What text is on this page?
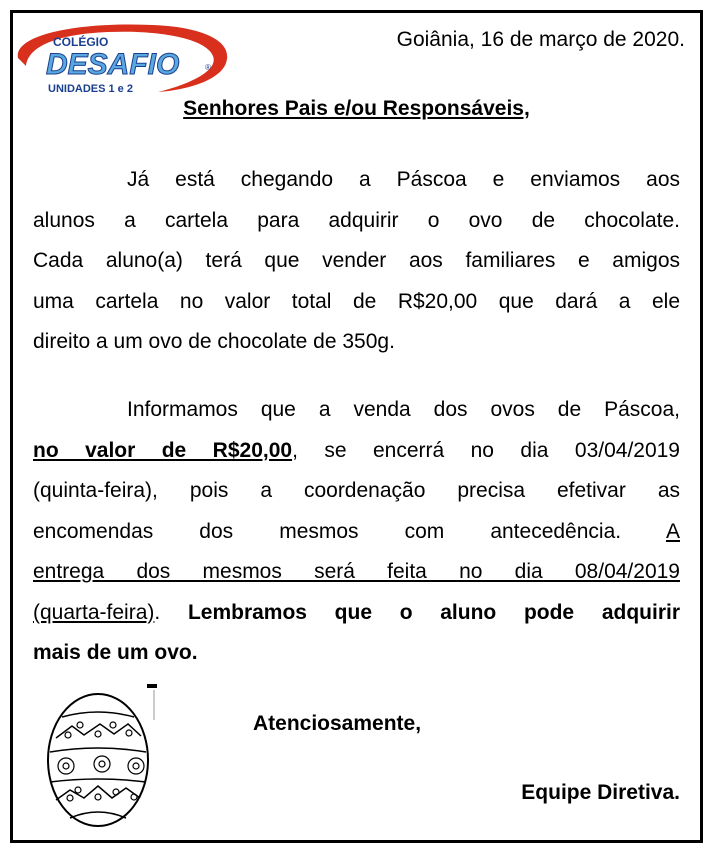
COLÉGIO
DESAFIO	®
UNIDADES 1 e 2
Goiânia, 16 de março de 2020.
Senhores Pais e/ou Responsáveis,
Já está chegando a Páscoa e enviamos aos
alunos a cartela para adquirir o ovo de chocolate.
Cada aluno(a) terá que vender aos familiares e amigos
uma cartela no valor total de R$20,00 que dará a ele
direito a um ovo de chocolate de 350g.
Informamos que a venda dos ovos de Páscoa,
no valor de R$20,00, se encerrá no dia 03/04/2019
(quinta-feira), pois a coordenação precisa efetivar as
encomendas dos mesmos com antecedência. A
entrega dos mesmos será feita no dia 08/04/2019
(quarta-feira). Lembramos que o aluno pode adquirir
mais de um ovo.
Atenciosamente,
Equipe Diretiva.
